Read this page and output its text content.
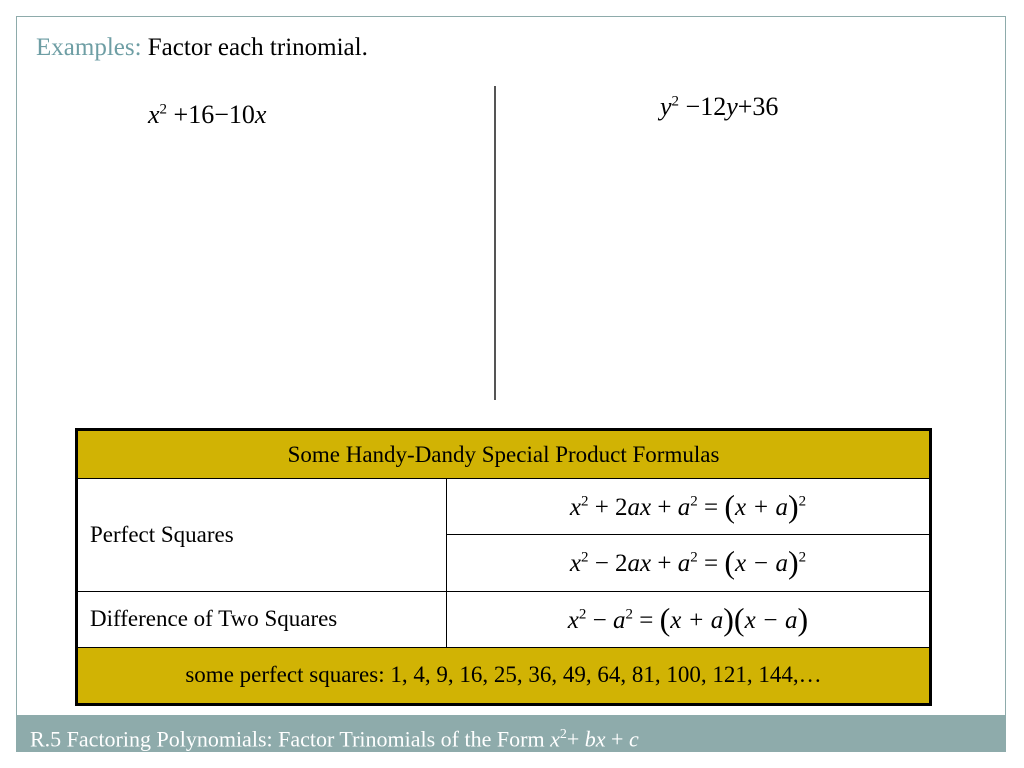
Examples: Factor each trinomial.
$x^2 +16-10x$	$y^2 -12y+36$
Some Handy-Dandy Special Product Formulas	
Perfect Squares	$x^2 + 2ax + a^2 = (x + a)^2$
	$x^2 - 2ax + a^2 = (x - a)^2$
Difference of Two Squares	$x^2 - a^2 = (x + a)(x - a)$
some perfect squares: 1, 4, 9, 16, 25, 36, 49, 64, 81, 100, 121, 144,…	
R.5 Factoring Polynomials: Factor Trinomials of the Form $x^2+$ bx + c
